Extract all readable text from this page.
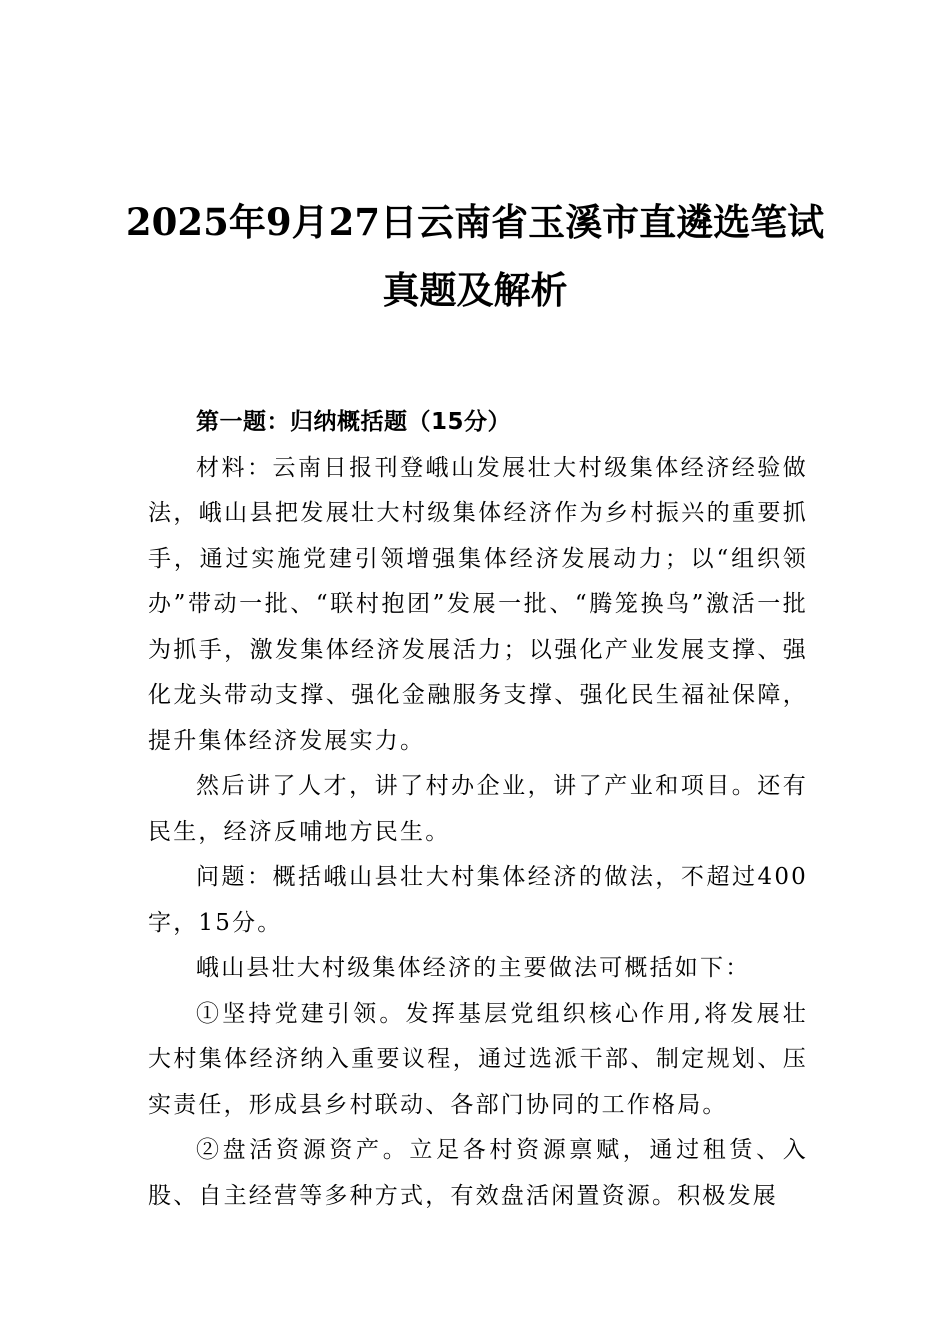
2025年9月27日云南省玉溪市直遴选笔试
真题及解析

第一题：归纳概括题（15分）

材料：云南日报刊登峨山发展壮大村级集体经济经验做法，峨山县把发展壮大村级集体经济作为乡村振兴的重要抓手，通过实施党建引领增强集体经济发展动力；以“组织领办”带动一批、“联村抱团”发展一批、“腾笼换鸟”激活一批为抓手，激发集体经济发展活力；以强化产业发展支撑、强化龙头带动支撑、强化金融服务支撑、强化民生福祉保障，提升集体经济发展实力。

然后讲了人才，讲了村办企业，讲了产业和项目。还有民生，经济反哺地方民生。

问题：概括峨山县壮大村集体经济的做法，不超过400字，15分。

峨山县壮大村级集体经济的主要做法可概括如下：

①坚持党建引领。发挥基层党组织核心作用,将发展壮大村集体经济纳入重要议程，通过选派干部、制定规划、压实责任，形成县乡村联动、各部门协同的工作格局。

②盘活资源资产。立足各村资源禀赋，通过租赁、入股、自主经营等多种方式，有效盘活闲置资源。积极发展
